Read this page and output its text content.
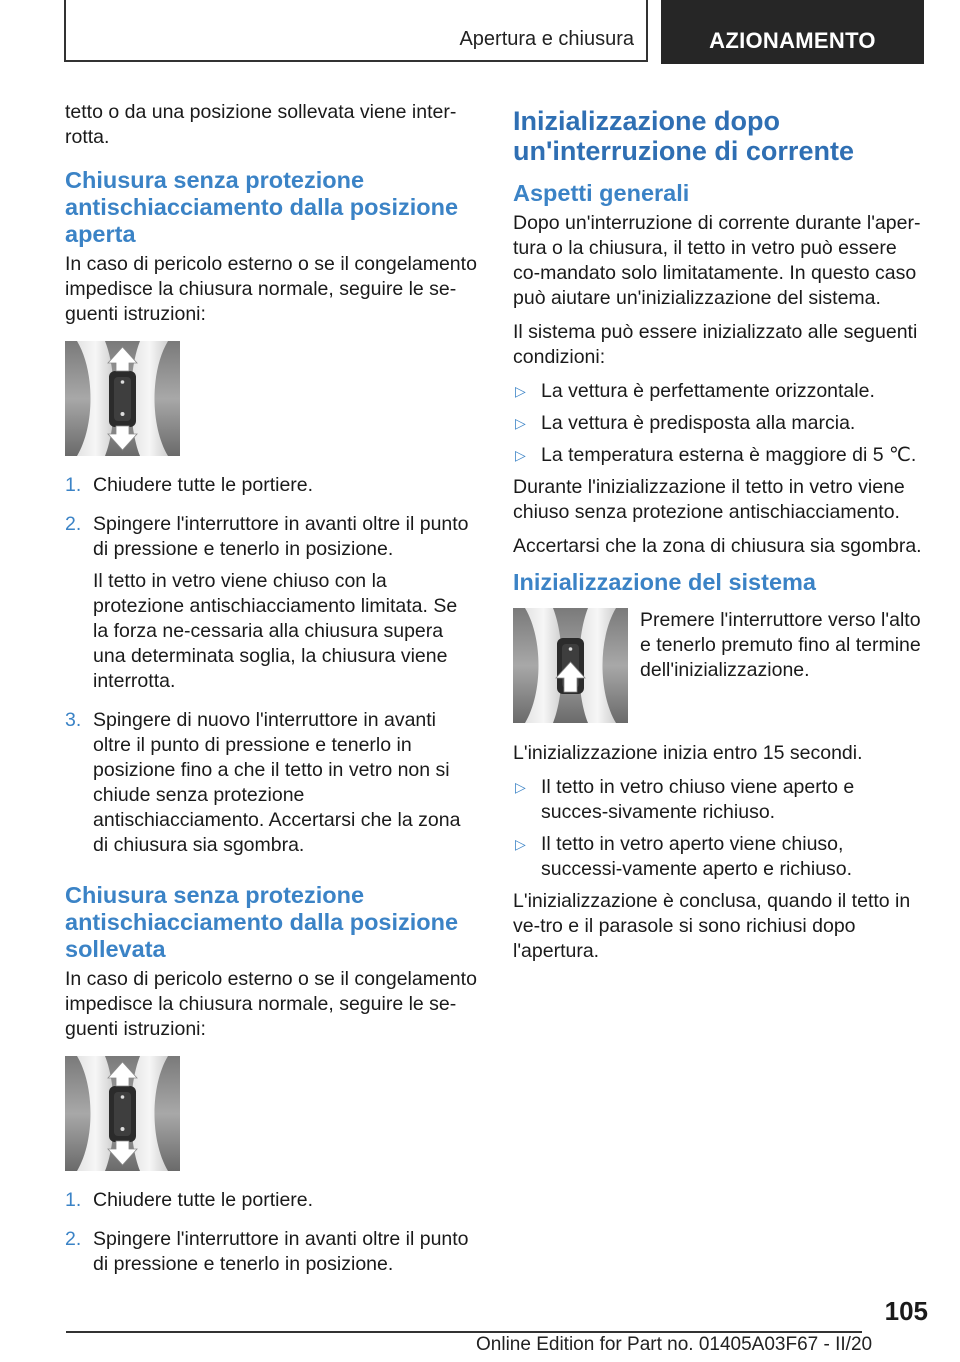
Apertura e chiusura	AZIONAMENTO

tetto o da una posizione sollevata viene inter-rotta.

Chiusura senza protezione antischiacciamento dalla posizione aperta

In caso di pericolo esterno o se il congelamento impedisce la chiusura normale, seguire le se-guenti istruzioni:

1. Chiudere tutte le portiere.

2. Spingere l'interruttore in avanti oltre il punto di pressione e tenerlo in posizione.

Il tetto in vetro viene chiuso con la protezione antischiacciamento limitata. Se la forza ne-cessaria alla chiusura supera una determinata soglia, la chiusura viene interrotta.

3. Spingere di nuovo l'interruttore in avanti oltre il punto di pressione e tenerlo in posizione fino a che il tetto in vetro non si chiude senza protezione antischiacciamento. Accertarsi che la zona di chiusura sia sgombra.

Chiusura senza protezione antischiacciamento dalla posizione sollevata

In caso di pericolo esterno o se il congelamento impedisce la chiusura normale, seguire le se-guenti istruzioni:

1. Chiudere tutte le portiere.

2. Spingere l'interruttore in avanti oltre il punto di pressione e tenerlo in posizione.

Inizializzazione dopo un'interruzione di corrente
Aspetti generali

Dopo un'interruzione di corrente durante l'aper-tura o la chiusura, il tetto in vetro può essere co-mandato solo limitatamente. In questo caso può aiutare un'inizializzazione del sistema.

Il sistema può essere inizializzato alle seguenti condizioni:

▷ La vettura è perfettamente orizzontale.
▷ La vettura è predisposta alla marcia.
▷ La temperatura esterna è maggiore di 5 ℃.

Durante l'inizializzazione il tetto in vetro viene chiuso senza protezione antischiacciamento.

Accertarsi che la zona di chiusura sia sgombra.

Inizializzazione del sistema

Premere l'interruttore verso l'alto e tenerlo premuto fino al termine dell'inizializzazione.

L'inizializzazione inizia entro 15 secondi.

▷ Il tetto in vetro chiuso viene aperto e succes-sivamente richiuso.
▷ Il tetto in vetro aperto viene chiuso, successi-vamente aperto e richiuso.

L'inizializzazione è conclusa, quando il tetto in ve-tro e il parasole si sono richiusi dopo l'apertura.

105
Online Edition for Part no. 01405A03F67 - II/20
